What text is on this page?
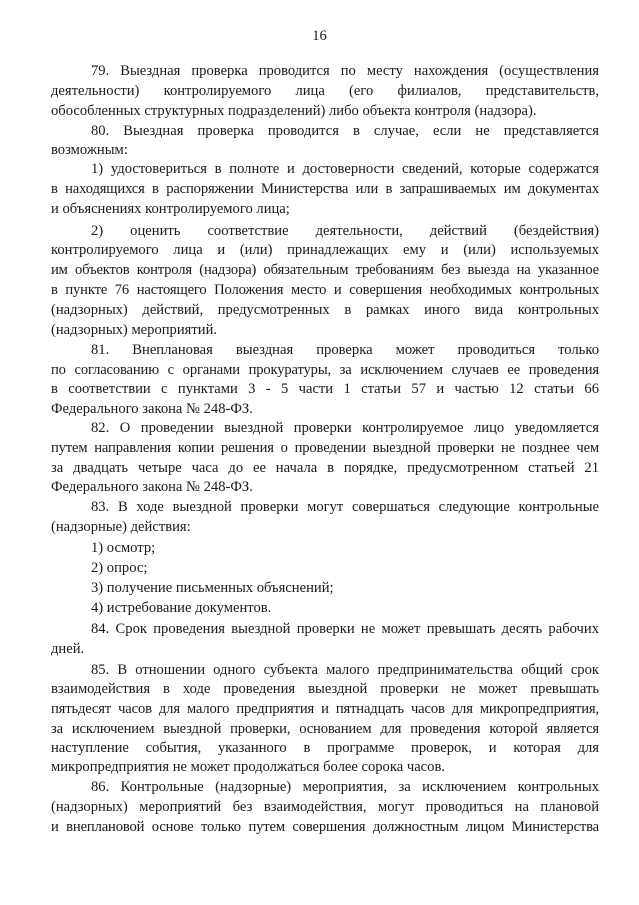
16
79. Выездная проверка проводится по месту нахождения (осуществления
деятельности) контролируемого лица (его филиалов, представительств,
обособленных структурных подразделений) либо объекта контроля (надзора).
80. Выездная проверка проводится в случае, если не представляется
возможным:
1) удостовериться в полноте и достоверности сведений, которые содержатся
в находящихся в распоряжении Министерства или в запрашиваемых им документах
и объяснениях контролируемого лица;
2) оценить соответствие деятельности, действий (бездействия)
контролируемого лица и (или) принадлежащих ему и (или) используемых
им объектов контроля (надзора) обязательным требованиям без выезда на указанное
в пункте 76 настоящего Положения место и совершения необходимых контрольных
(надзорных) действий, предусмотренных в рамках иного вида контрольных
(надзорных) мероприятий.
81. Внеплановая выездная проверка может проводиться только
по согласованию с органами прокуратуры, за исключением случаев ее проведения
в соответствии с пунктами 3 - 5 части 1 статьи 57 и частью 12 статьи 66
Федерального закона № 248-ФЗ.
82. О проведении выездной проверки контролируемое лицо уведомляется
путем направления копии решения о проведении выездной проверки не позднее чем
за двадцать четыре часа до ее начала в порядке, предусмотренном статьей 21
Федерального закона № 248-ФЗ.
83. В ходе выездной проверки могут совершаться следующие контрольные
(надзорные) действия:
1) осмотр;
2) опрос;
3) получение письменных объяснений;
4) истребование документов.
84. Срок проведения выездной проверки не может превышать десять рабочих
дней.
85. В отношении одного субъекта малого предпринимательства общий срок
взаимодействия в ходе проведения выездной проверки не может превышать
пятьдесят часов для малого предприятия и пятнадцать часов для микропредприятия,
за исключением выездной проверки, основанием для проведения которой является
наступление события, указанного в программе проверок, и которая для
микропредприятия не может продолжаться более сорока часов.
86. Контрольные (надзорные) мероприятия, за исключением контрольных
(надзорных) мероприятий без взаимодействия, могут проводиться на плановой
и внеплановой основе только путем совершения должностным лицом Министерства
